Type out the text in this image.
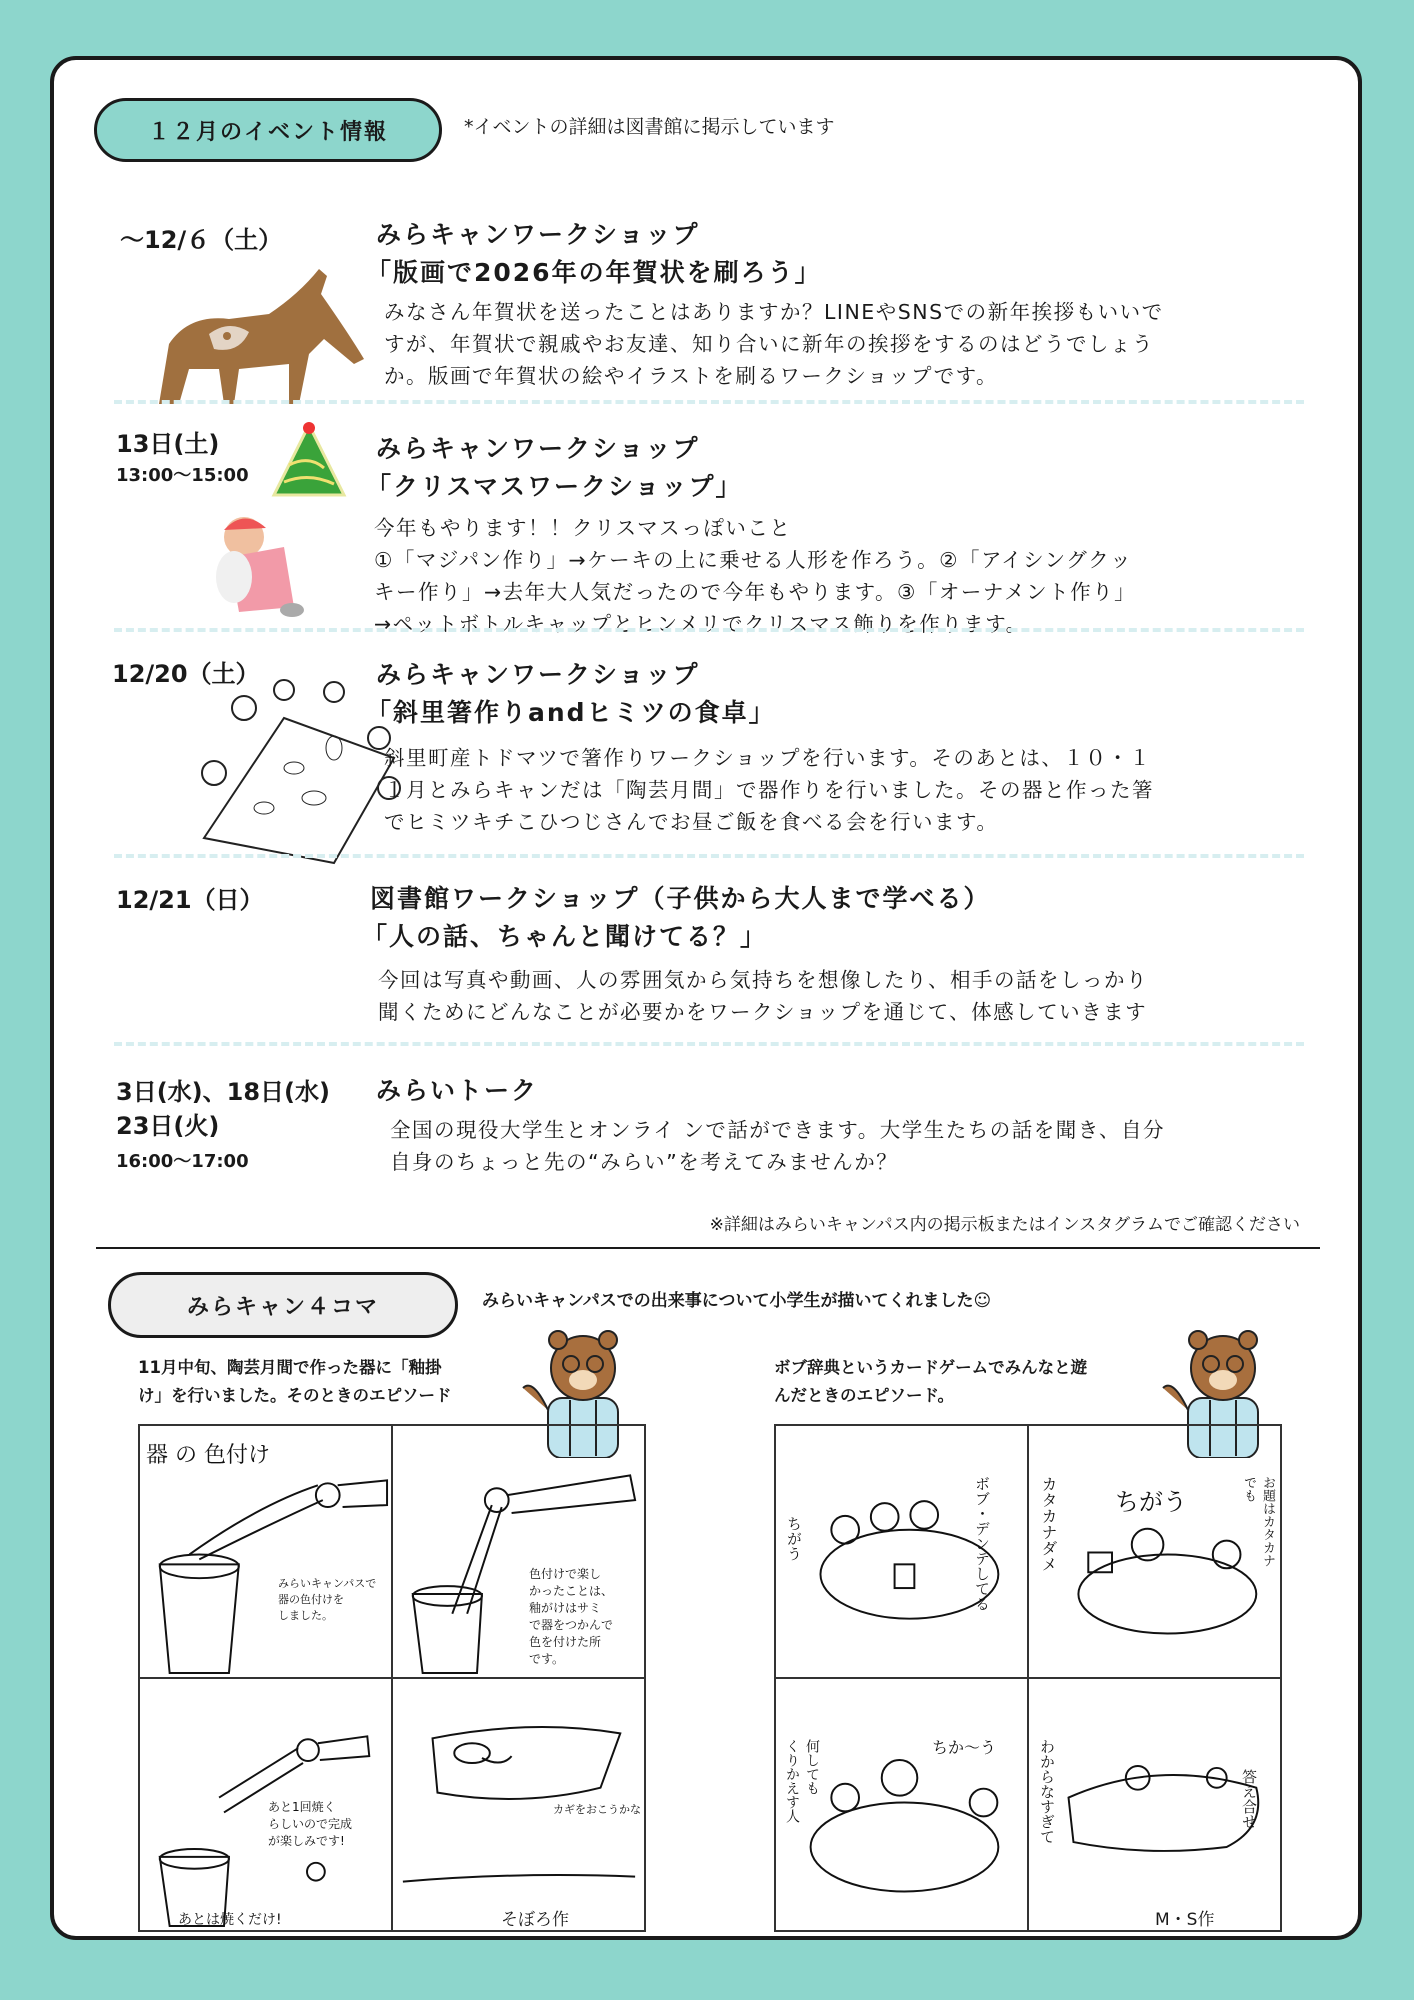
１２月のイベント情報	*イベントの詳細は図書館に掲示しています
〜12/６（土）	みらキャンワークショップ
「版画で2026年の年賀状を刷ろう」
みなさん年賀状を送ったことはありますか？LINEやSNSでの新年挨拶もいいで
すが、年賀状で親戚やお友達、知り合いに新年の挨拶をするのはどうでしょう
か。版画で年賀状の絵やイラストを刷るワークショップです。
13日(土)
13:00〜15:00
みらキャンワークショップ
「クリスマスワークショップ」
今年もやります！！クリスマスっぽいこと
①「マジパン作り」→ケーキの上に乗せる人形を作ろう。②「アイシングクッ
キー作り」→去年大人気だったので今年もやります。③「オーナメント作り」
→ペットボトルキャップとヒンメリでクリスマス飾りを作ります。
12/20（土）	みらキャンワークショップ
「斜里箸作りandヒミツの食卓」
斜里町産トドマツで箸作りワークショップを行います。そのあとは、１０・１
１月とみらキャンだは「陶芸月間」で器作りを行いました。その器と作った箸
でヒミツキチこひつじさんでお昼ご飯を食べる会を行います。
12/21（日）	図書館ワークショップ（子供から大人まで学べる）
「人の話、ちゃんと聞けてる？」
今回は写真や動画、人の雰囲気から気持ちを想像したり、相手の話をしっかり
聞くためにどんなことが必要かをワークショップを通じて、体感していきます
3日(水)、18日(水)
23日(火)
16:00〜17:00
みらいトーク
全国の現役大学生とオンライ ンで話ができます。大学生たちの話を聞き、自分
自身のちょっと先の“みらい”を考えてみませんか？
※詳細はみらいキャンパス内の掲示板またはインスタグラムでご確認ください
みらキャン４コマ	みらいキャンパスでの出来事について小学生が描いてくれました☺
11月中旬、陶芸月間で作った器に「釉掛
け」を行いました。そのときのエピソード
器 の 色付け
みらいキャンパスで
器の色付けを
しました。
色付けで楽し
かったことは、
釉がけはサミ
で器をつかんで
色を付けた所
です。
あと1回焼く
らしいので完成
が楽しみです!
あとは焼くだけ!
カギをおこうかな
そぼろ作
ボブ辞典というカードゲームでみんなと遊
んだときのエピソード。
ボブ・デンテしてる
ちがう
ちがう
カタカナダメ	お題はカタカナ
でも
ちか〜う
何しても
くりかえす人	わからなすぎて	答え合せ
M・S作
